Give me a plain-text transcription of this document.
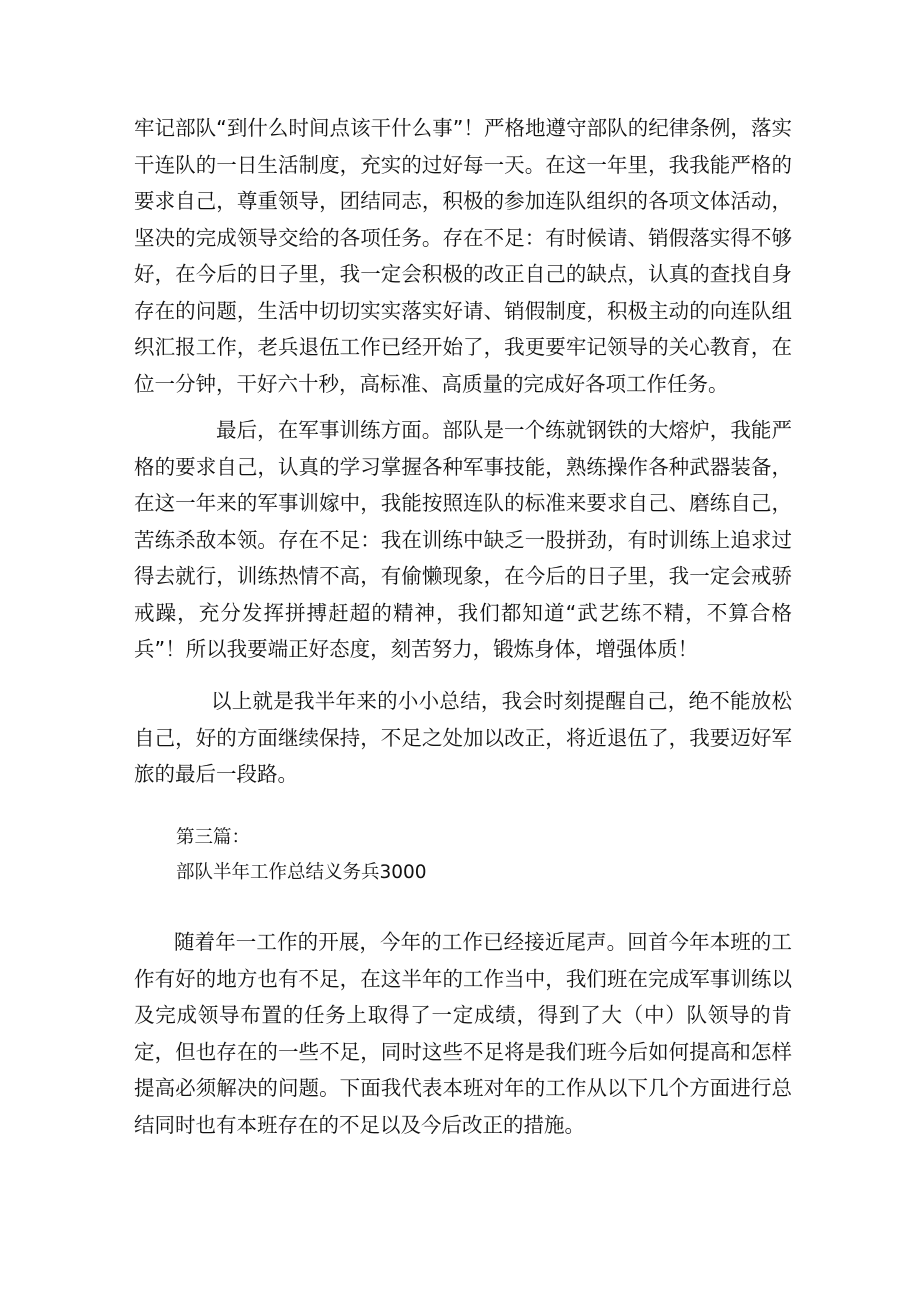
牢记部队“到什么时间点该干什么事”！严格地遵守部队的纪律条例，落实干连队的一日生活制度，充实的过好每一天。在这一年里，我我能严格的要求自己，尊重领导，团结同志，积极的参加连队组织的各项文体活动，坚决的完成领导交给的各项任务。存在不足：有时候请、销假落实得不够好，在今后的日子里，我一定会积极的改正自己的缺点，认真的查找自身存在的问题，生活中切切实实落实好请、销假制度，积极主动的向连队组织汇报工作，老兵退伍工作已经开始了，我更要牢记领导的关心教育，在位一分钟，干好六十秒，高标准、高质量的完成好各项工作任务。

最后，在军事训练方面。部队是一个练就钢铁的大熔炉，我能严格的要求自己，认真的学习掌握各种军事技能，熟练操作各种武器装备，在这一年来的军事训嫁中，我能按照连队的标准来要求自己、磨练自己，苦练杀敌本领。存在不足：我在训练中缺乏一股拼劲，有时训练上追求过得去就行，训练热情不高，有偷懒现象，在今后的日子里，我一定会戒骄戒躁，充分发挥拼搏赶超的精神，我们都知道“武艺练不精，不算合格兵”！所以我要端正好态度，刻苦努力，锻炼身体，增强体质！

以上就是我半年来的小小总结，我会时刻提醒自己，绝不能放松自己，好的方面继续保持，不足之处加以改正，将近退伍了，我要迈好军旅的最后一段路。

第三篇：

部队半年工作总结义务兵3000

随着年一工作的开展，今年的工作已经接近尾声。回首今年本班的工作有好的地方也有不足，在这半年的工作当中，我们班在完成军事训练以及完成领导布置的任务上取得了一定成绩，得到了大（中）队领导的肯定，但也存在的一些不足，同时这些不足将是我们班今后如何提高和怎样提高必须解决的问题。下面我代表本班对年的工作从以下几个方面进行总结同时也有本班存在的不足以及今后改正的措施。
